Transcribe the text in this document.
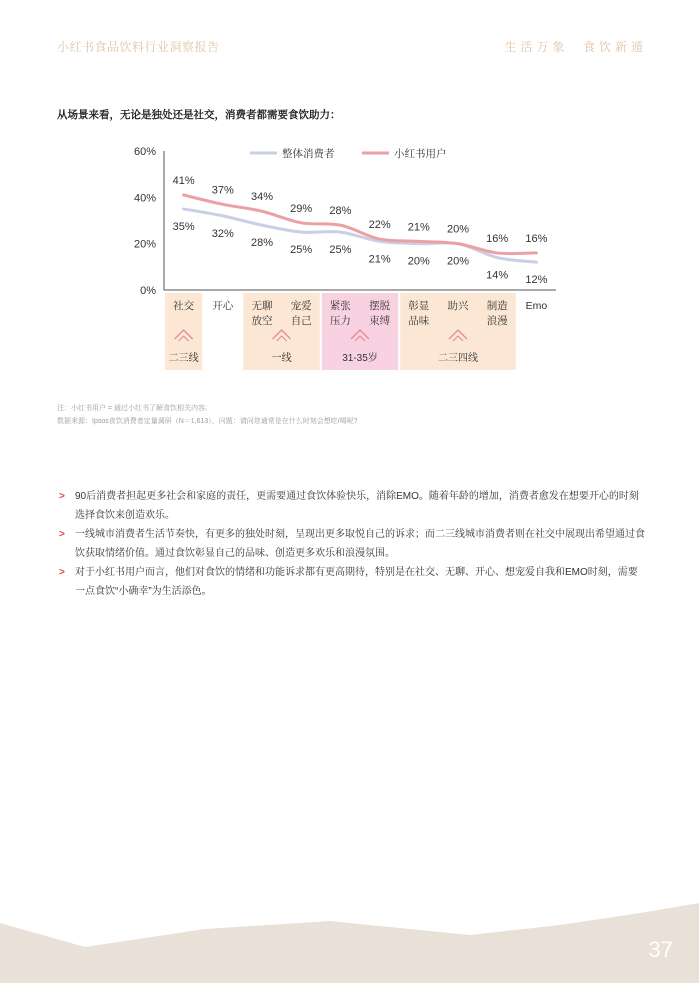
小红书食品饮料行业洞察报告	生活万象  食饮新遁
从场景来看，无论是独处还是社交，消费者都需要食饮助力：
二三线	一线	31-35岁	二三四线
0%
20%
40%
60%
社交 开心 无聊
放空
宠爱
自己
紧张
压力
摆脱
束缚
彰显
品味
助兴 制造
浪漫
Emo
35%
32%
28%
25% 25%
21% 20% 20%
14% 12%
41%
37%
34%
29% 28%
22% 21% 20%
16% 16%
整体消费者	小红书用户
注：小红书用户 = 通过小红书了解食饮相关内容;
数据来源：Ipsos食饮消费者定量调研（N＝1,613），问题：请问您通常是在什么时刻会想吃/喝呢?
> 90后消费者担起更多社会和家庭的责任，更需要通过食饮体验快乐，消除EMO。随着年龄的增加，消费者愈发在想要开心的时刻选择食饮来创造欢乐。
> 一线城市消费者生活节奏快，有更多的独处时刻，呈现出更多取悦自己的诉求；而二三线城市消费者则在社交中展现出希望通过食饮获取情绪价值。通过食饮彰显自己的品味、创造更多欢乐和浪漫氛围。
> 对于小红书用户而言，他们对食饮的情绪和功能诉求都有更高期待，特别是在社交、无聊、开心、想宠爱自我和EMO时刻，需要一点食饮“小确幸”为生活添色。
37
